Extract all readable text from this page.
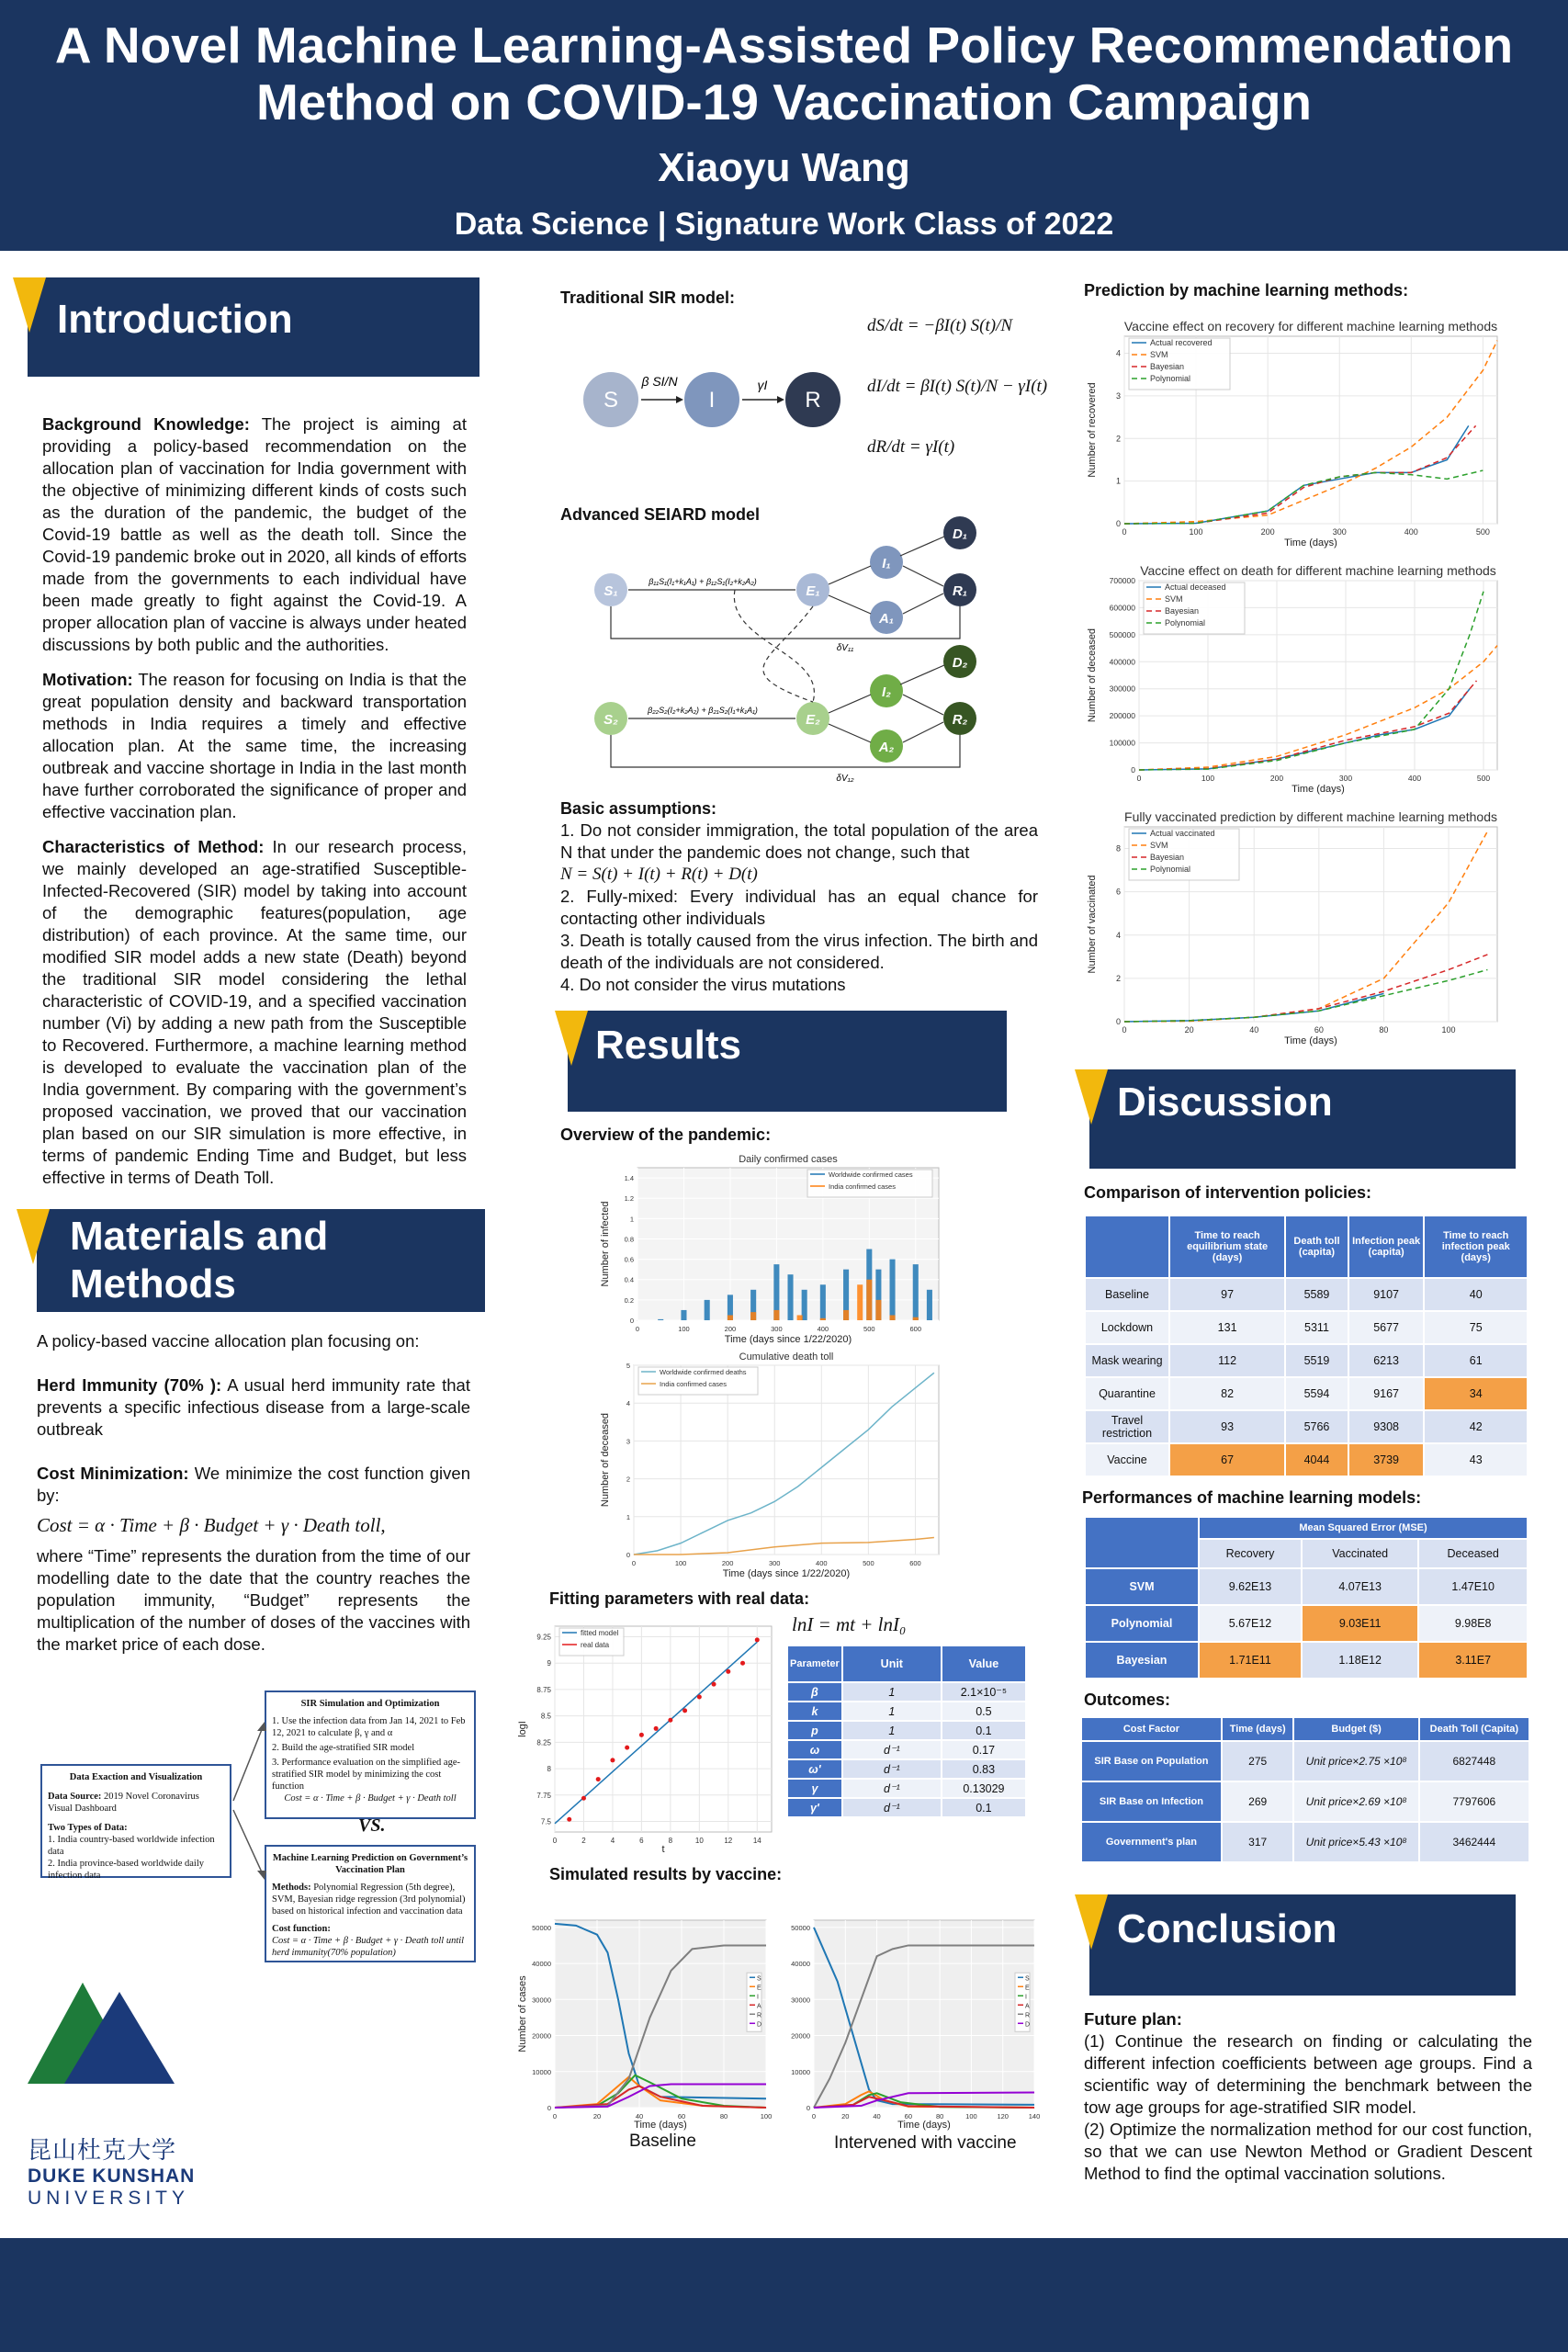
A Novel Machine Learning-Assisted Policy Recommendation
Method on COVID-19 Vaccination Campaign
Xiaoyu Wang
Data Science | Signature Work Class of 2022
Introduction

Background Knowledge: The project is aiming at providing a policy-based recommendation on the allocation plan of vaccination for India government with the objective of minimizing different kinds of costs such as the duration of the pandemic, the budget of the Covid-19 battle as well as the death toll. Since the Covid-19 pandemic broke out in 2020, all kinds of efforts made from the governments to each individual have been made greatly to fight against the Covid-19. A proper allocation plan of vaccine is always under heated discussions by both public and the authorities.

Motivation: The reason for focusing on India is that the great population density and backward transportation methods in India requires a timely and effective allocation plan. At the same time, the increasing outbreak and vaccine shortage in India in the last month have further corroborated the significance of proper and effective vaccination plan.

Characteristics of Method: In our research process, we mainly developed an age-stratified Susceptible-Infected-Recovered (SIR) model by taking into account of the demographic features(population, age distribution) of each province. At the same time, our modified SIR model adds a new state (Death) beyond the traditional SIR model considering the lethal characteristic of COVID-19, and a specified vaccination number (Vi) by adding a new path from the Susceptible to Recovered. Furthermore, a machine learning method is developed to evaluate the vaccination plan of the India government. By comparing with the government’s proposed vaccination, we proved that our vaccination plan based on our SIR simulation is more effective, in terms of pandemic Ending Time and Budget, but less effective in terms of Death Toll.

Materials and
Methods

A policy-based vaccine allocation plan focusing on:

Herd Immunity (70% ): A usual herd immunity rate that prevents a specific infectious disease from a large-scale outbreak

Cost Minimization: We minimize the cost function given by:

Cost = α · Time + β · Budget + γ · Death toll,

where “Time” represents the duration from the time of our modelling date to the date that the country reaches the population immunity, “Budget” represents the multiplication of the number of doses of the vaccines with the market price of each dose.

Data Exaction and Visualization
Data Source: 2019 Novel Coronavirus Visual Dashboard
Two Types of Data:
1. India country-based worldwide infection data
2. India province-based worldwide daily infection data
SIR Simulation and Optimization
1. Use the infection data from Jan 14, 2021 to Feb 12, 2021 to calculate β, γ and α
2. Build the age-stratified SIR model
3. Performance evaluation on the simplified age-stratified SIR model by minimizing the cost function
Cost = α · Time + β · Budget + γ · Death toll
VS.
Machine Learning Prediction on Government’s Vaccination Plan
Methods: Polynomial Regression (5th degree), SVM, Bayesian ridge regression (3rd polynomial) based on historical infection and vaccination data
Cost function:
Cost = α · Time + β · Budget + γ · Death toll until herd immunity(70% population)
昆山杜克大学
DUKE KUNSHAN
UNIVERSITY
Traditional SIR model:
S	I	R
β SI/N	γI
dS/dt = −βI(t) S(t)/N
dI/dt = βI(t) S(t)/N − γI(t)
dR/dt = γI(t)
Advanced SEIARD model
S₁	E₁
I₁
A₁
R₁
D₁
S₂	E₂
I₂
A₂
R₂
D₂
β₁₁S₁(I₁+k₁A₁) + β₁₂S₁(I₂+k₂A₂)
β₂₂S₂(I₂+k₂A₂) + β₂₁S₂(I₁+k₁A₁)
δV₁₁
δV₁₂
Basic assumptions:
1. Do not consider immigration, the total population of the area N that under the pandemic does not change, such that
N = S(t) + I(t) + R(t) + D(t)
2. Fully-mixed: Every individual has an equal chance for contacting other individuals
3. Death is totally caused from the virus infection. The birth and death of the individuals are not considered.
4. Do not consider the virus mutations
Results
Overview of the pandemic:
Daily confirmed cases
0
0.2
0.4
0.6
0.8
1
1.2
1.4
0	100	200	300	400	500	600
Time (days since 1/22/2020)
Number of infected
Worldwide confirmed cases
India confirmed cases
Cumulative death toll
0
1
2
3
4
5
0	100	200	300	400	500	600
Time (days since 1/22/2020)
Number of deceased
Worldwide confirmed deaths
India confirmed cases
Fitting parameters with real data:
7.5
7.75
8
8.25
8.5
8.75
9
9.25
0	2	4	6	8	10	12	14
t
logI
fitted model
real data
lnI = mt + lnI₀
Parameter	Unit	Value
β	1	2.1×10⁻⁵
k	1	0.5
p	1	0.1
ω	d⁻¹	0.17
ω'	d⁻¹	0.83
γ	d⁻¹	0.13029
γ'	d⁻¹	0.1
Simulated results by vaccine:
0
10000
20000
30000
40000
50000
0	20	40	60	80	100
Time (days)
Number of cases	S
E
I
A
R
D
0
10000
20000
30000
40000
50000
0	20	40	60	80	100	120	140
Time (days)
S
E
I
A
R
D
Baseline	Intervened with vaccine
Prediction by machine learning methods:
Vaccine effect on recovery for different machine learning methods
0
1
2
3
4
0	100	200	300	400	500
Time (days)
Number of recovered
Actual recovered
SVM
Bayesian
Polynomial
Vaccine effect on death for different machine learning methods
0
100000
200000
300000
400000
500000
600000
700000
0	100	200	300	400	500
Time (days)
Number of deceased
Actual deceased
SVM
Bayesian
Polynomial
Fully vaccinated prediction by different machine learning methods
0
2
4
6
8
0	20	40	60	80	100
Time (days)
Number of vaccinated
Actual vaccinated
SVM
Bayesian
Polynomial
Discussion
Comparison of intervention policies:
	Time to reach equilibrium state (days)	Death toll (capita)	Infection peak (capita)	Time to reach infection peak (days)
Baseline	97	5589	9107	40
Lockdown	131	5311	5677	75
Mask wearing	112	5519	6213	61
Quarantine	82	5594	9167	34
Travel restriction	93	5766	9308	42
Vaccine	67	4044	3739	43
Performances of machine learning models:
	Mean Squared Error (MSE)		
	Recovery	Vaccinated	Deceased
SVM	9.62E13	4.07E13	1.47E10
Polynomial	5.67E12	9.03E11	9.98E8
Bayesian	1.71E11	1.18E12	3.11E7
Outcomes:
Cost Factor	Time (days)	Budget ($)	Death Toll (Capita)
SIR Base on Population	275	Unit price×2.75 ×10⁸	6827448
SIR Base on Infection	269	Unit price×2.69 ×10⁸	7797606
Government's plan	317	Unit price×5.43 ×10⁸	3462444
Conclusion
Future plan:
(1) Continue the research on finding or calculating the different infection coefficients between age groups. Find a scientific way of determining the benchmark between the tow age groups for age-stratified SIR model.
(2) Optimize the normalization method for our cost function, so that we can use Newton Method or Gradient Descent Method to find the optimal vaccination solutions.
